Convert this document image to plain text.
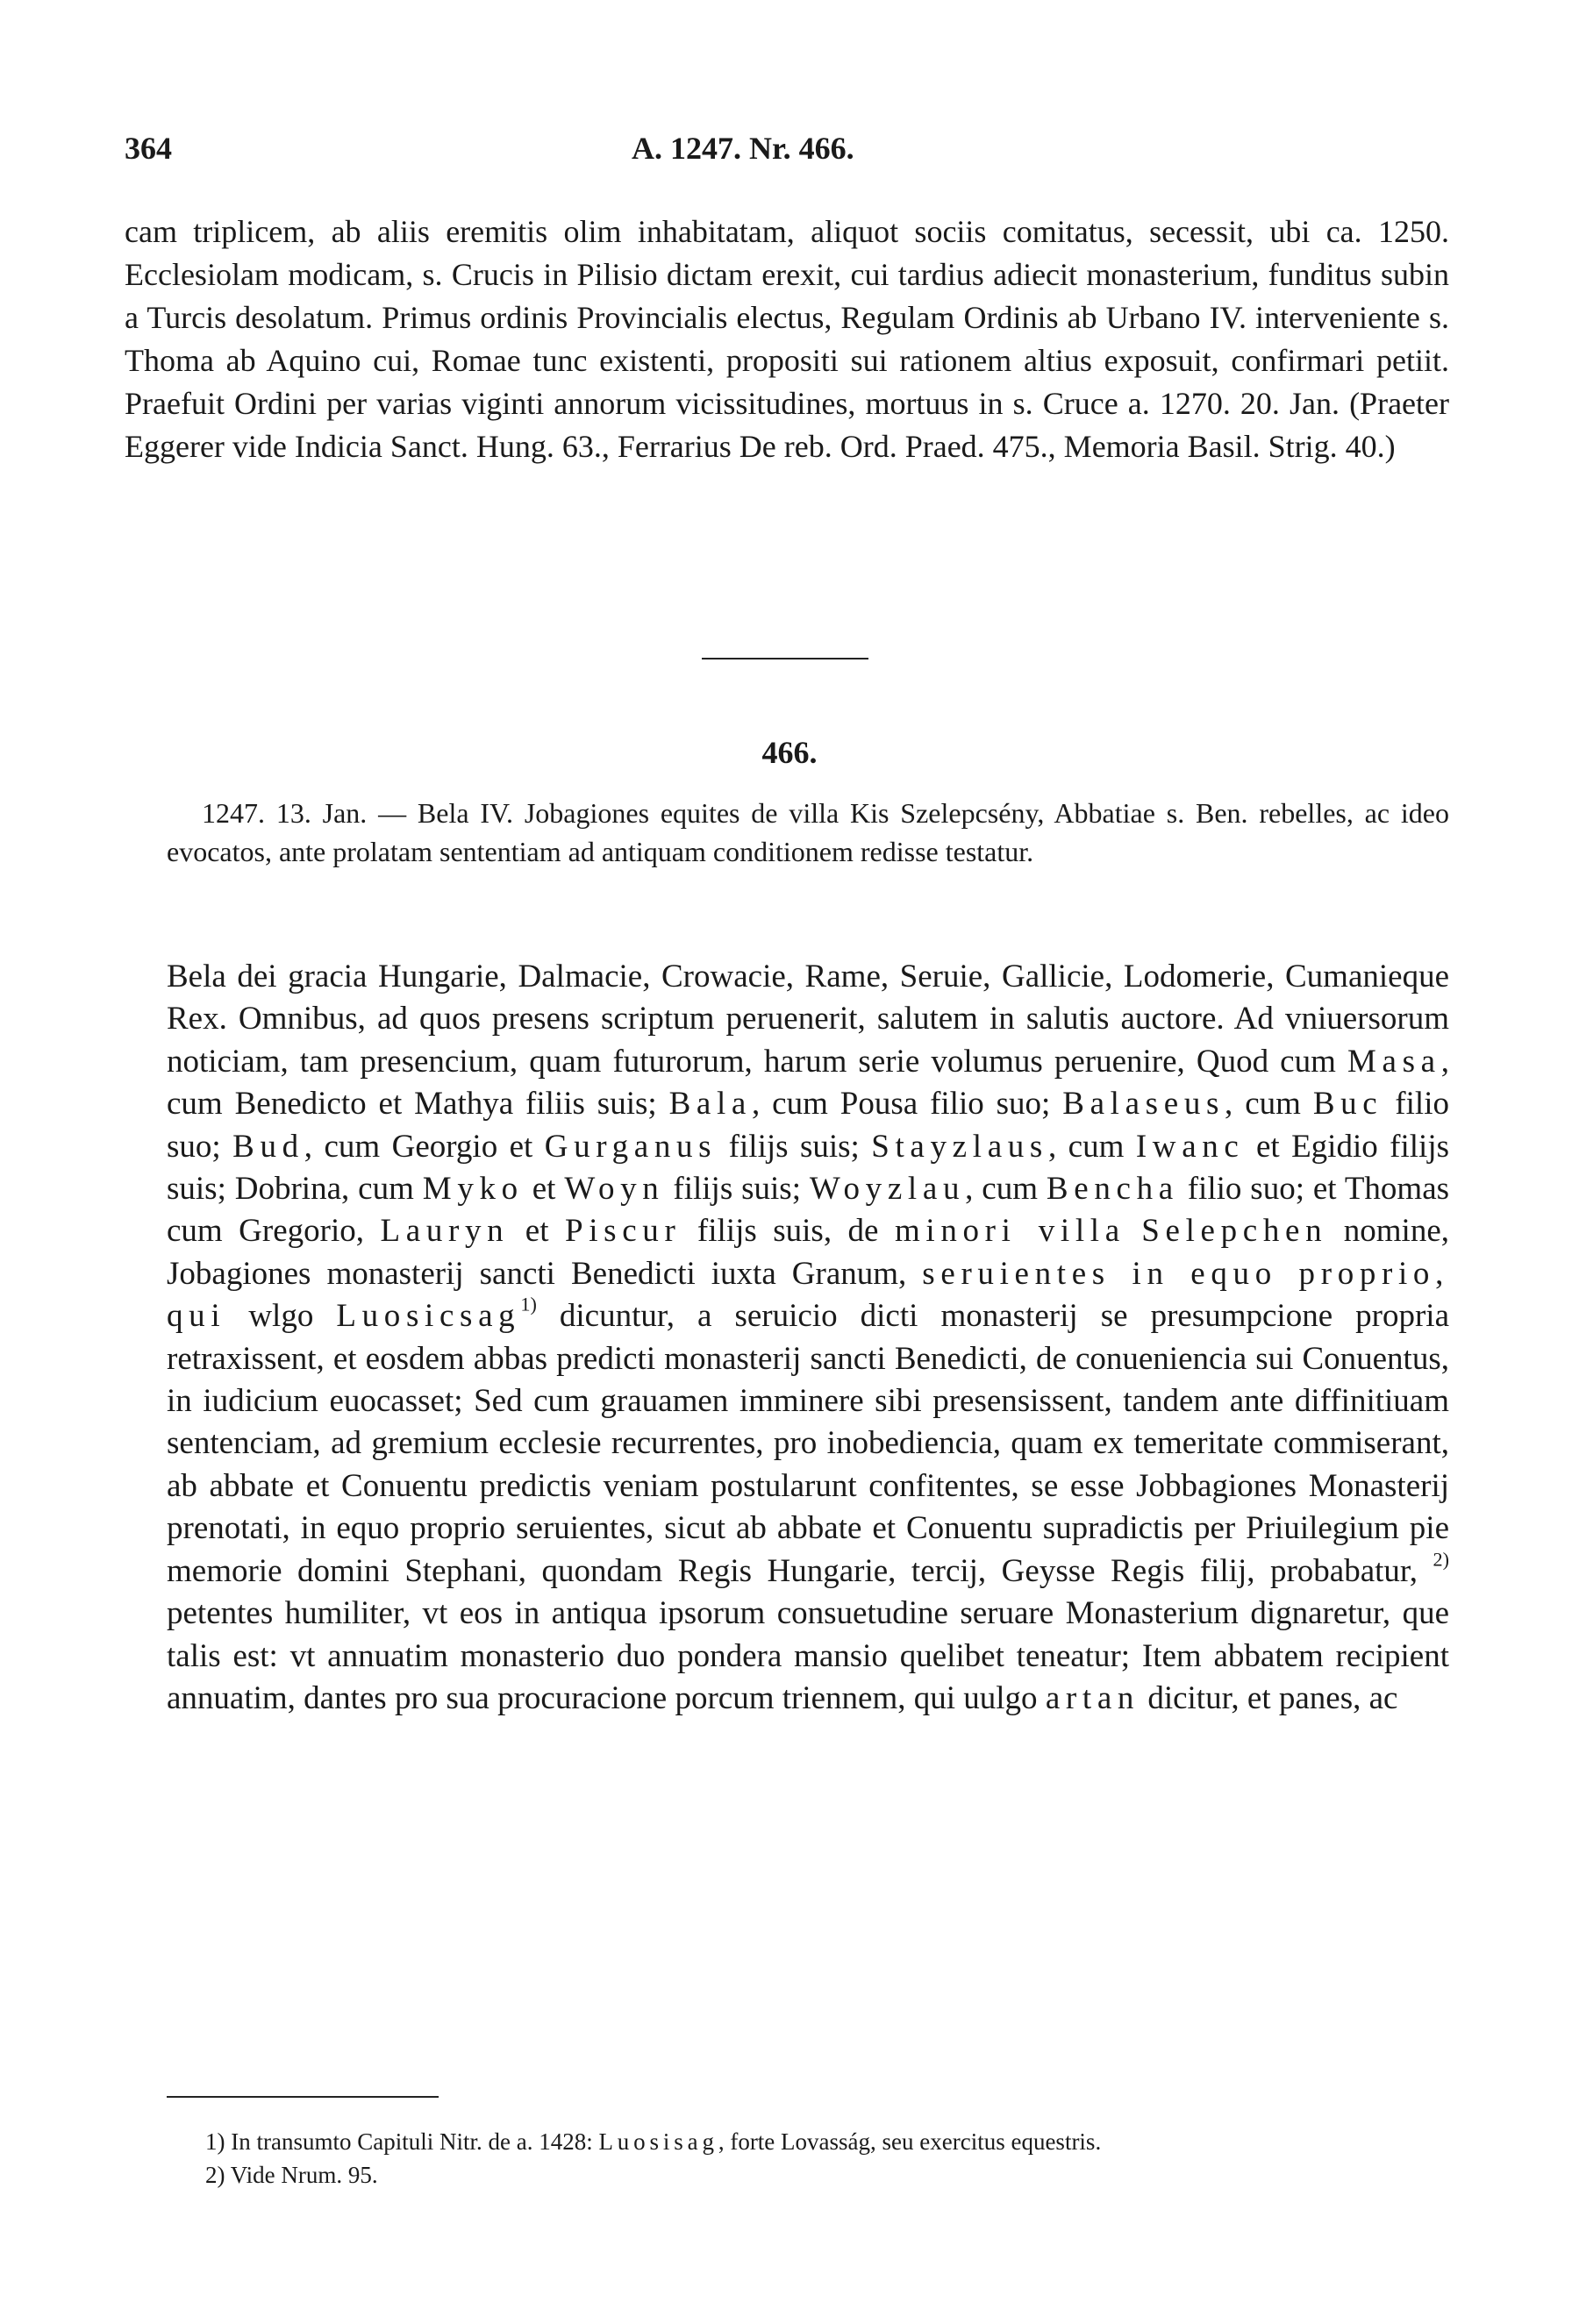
364	A. 1247. Nr. 466.
cam triplicem, ab aliis eremitis olim inhabitatam, aliquot sociis comitatus, secessit, ubi ca. 1250. Ecclesiolam modicam, s. Crucis in Pilisio dictam erexit, cui tardius adiecit monasterium, funditus subin a Turcis desolatum. Primus ordinis Provincialis electus, Regulam Ordinis ab Urbano IV. interveniente s. Thoma ab Aquino cui, Romae tunc existenti, propositi sui rationem altius exposuit, confirmari petiit. Praefuit Ordini per varias viginti annorum vicissitudines, mortuus in s. Cruce a. 1270. 20. Jan. (Praeter Eggerer vide Indicia Sanct. Hung. 63., Ferrarius De reb. Ord. Praed. 475., Memoria Basil. Strig. 40.)
466.
1247. 13. Jan. — Bela IV. Jobagiones equites de villa Kis Szelepcsény, Abbatiae s. Ben. rebelles, ac ideo evocatos, ante prolatam sententiam ad antiquam conditionem redisse testatur.
Bela dei gracia Hungarie, Dalmacie, Crowacie, Rame, Seruie, Gallicie, Lodomerie, Cumanieque Rex. Omnibus, ad quos presens scriptum peruenerit, salutem in salutis auctore. Ad vniuersorum noticiam, tam presencium, quam futurorum, harum serie volumus peruenire, Quod cum Masa, cum Benedicto et Mathya filiis suis; Bala, cum Pousa filio suo; Balaseus, cum Buc filio suo; Bud, cum Georgio et Gurganus filijs suis; Stayzlaus, cum Iwanc et Egidio filijs suis; Dobrina, cum Myko et Woyn filijs suis; Woyzlau, cum Bencha filio suo; et Thomas cum Gregorio, Lauryn et Piscur filijs suis, de minori villa Selepchen nomine, Jobagiones monasterij sancti Benedicti iuxta Granum, seruientes in equo proprio, qui wlgo Luosicsag$^{1)}$ dicuntur, a seruicio dicti monasterij se presumpcione propria retraxissent, et eosdem abbas predicti monasterij sancti Benedicti, de conueniencia sui Conuentus, in iudicium euocasset; Sed cum grauamen imminere sibi presensissent, tandem ante diffinitiuam sentenciam, ad gremium ecclesie recurrentes, pro inobediencia, quam ex temeritate commiserant, ab abbate et Conuentu predictis veniam postularunt confitentes, se esse Jobbagiones Monasterij prenotati, in equo proprio seruientes, sicut ab abbate et Conuentu supradictis per Priuilegium pie memorie domini Stephani, quondam Regis Hungarie, tercij, Geysse Regis filij, probabatur, $^{2)}$ petentes humiliter, vt eos in antiqua ipsorum consuetudine seruare Monasterium dignaretur, que talis est: vt annuatim monasterio duo pondera mansio quelibet teneatur; Item abbatem recipient annuatim, dantes pro sua procuracione porcum triennem, qui uulgo artan dicitur, et panes, ac
1) In transumto Capituli Nitr. de a. 1428: Luosisag, forte Lovasság, seu exercitus equestris.
2) Vide Nrum. 95.
